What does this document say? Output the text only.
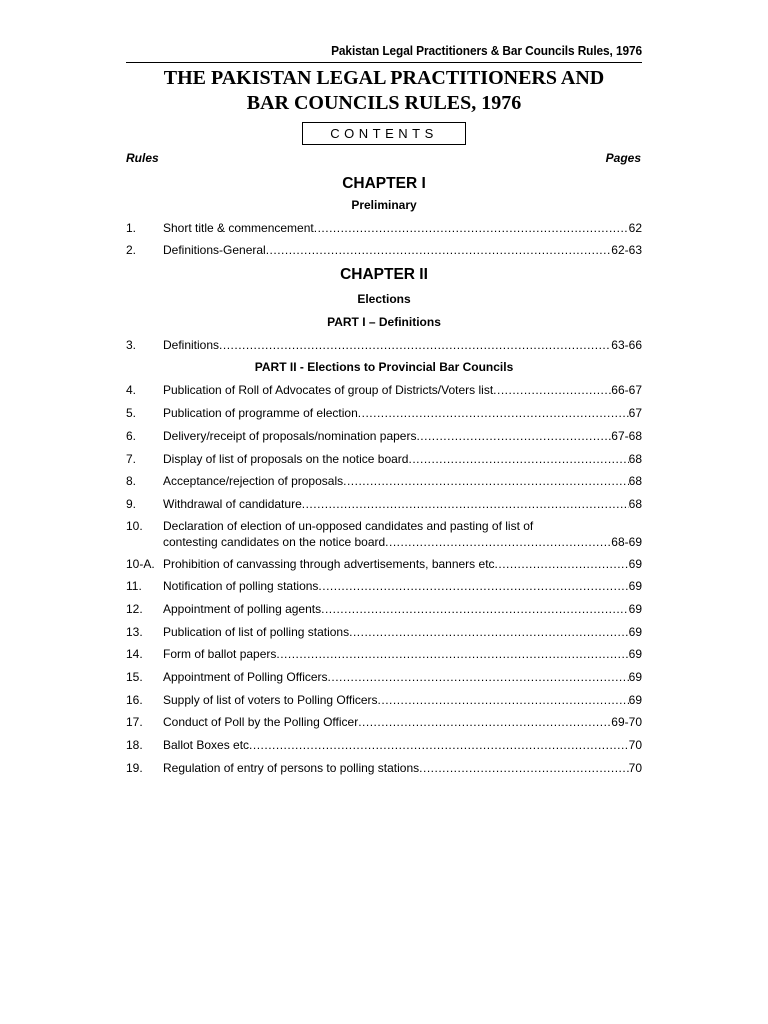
Pakistan Legal Practitioners & Bar Councils Rules, 1976
THE PAKISTAN LEGAL PRACTITIONERS AND
BAR COUNCILS RULES, 1976
CONTENTS
Rules	Pages
CHAPTER I
Preliminary
1. Short title & commencement .....	62
2. Definitions-General .....	62-63
CHAPTER II
Elections
PART I – Definitions
3. Definitions .....	63-66
PART II - Elections to Provincial Bar Councils
4. Publication of Roll of Advocates of group of Districts/Voters list .....	66-67
5. Publication of programme of election .....	67
6. Delivery/receipt of proposals/nomination papers .....	67-68
7. Display of list of proposals on the notice board .....	68
8. Acceptance/rejection of proposals .....	68
9. Withdrawal of candidature .....	68
10. Declaration of election of un-opposed candidates and pasting of list of
contesting candidates on the notice board .....	68-69
10-A. Prohibition of canvassing through advertisements, banners etc .....	69
11. Notification of polling stations .....	69
12. Appointment of polling agents .....	69
13. Publication of list of polling stations .....	69
14. Form of ballot papers .....	69
15. Appointment of Polling Officers .....	69
16. Supply of list of voters to Polling Officers .....	69
17. Conduct of Poll by the Polling Officer .....	69-70
18. Ballot Boxes etc .....	70
19. Regulation of entry of persons to polling stations .....	70
